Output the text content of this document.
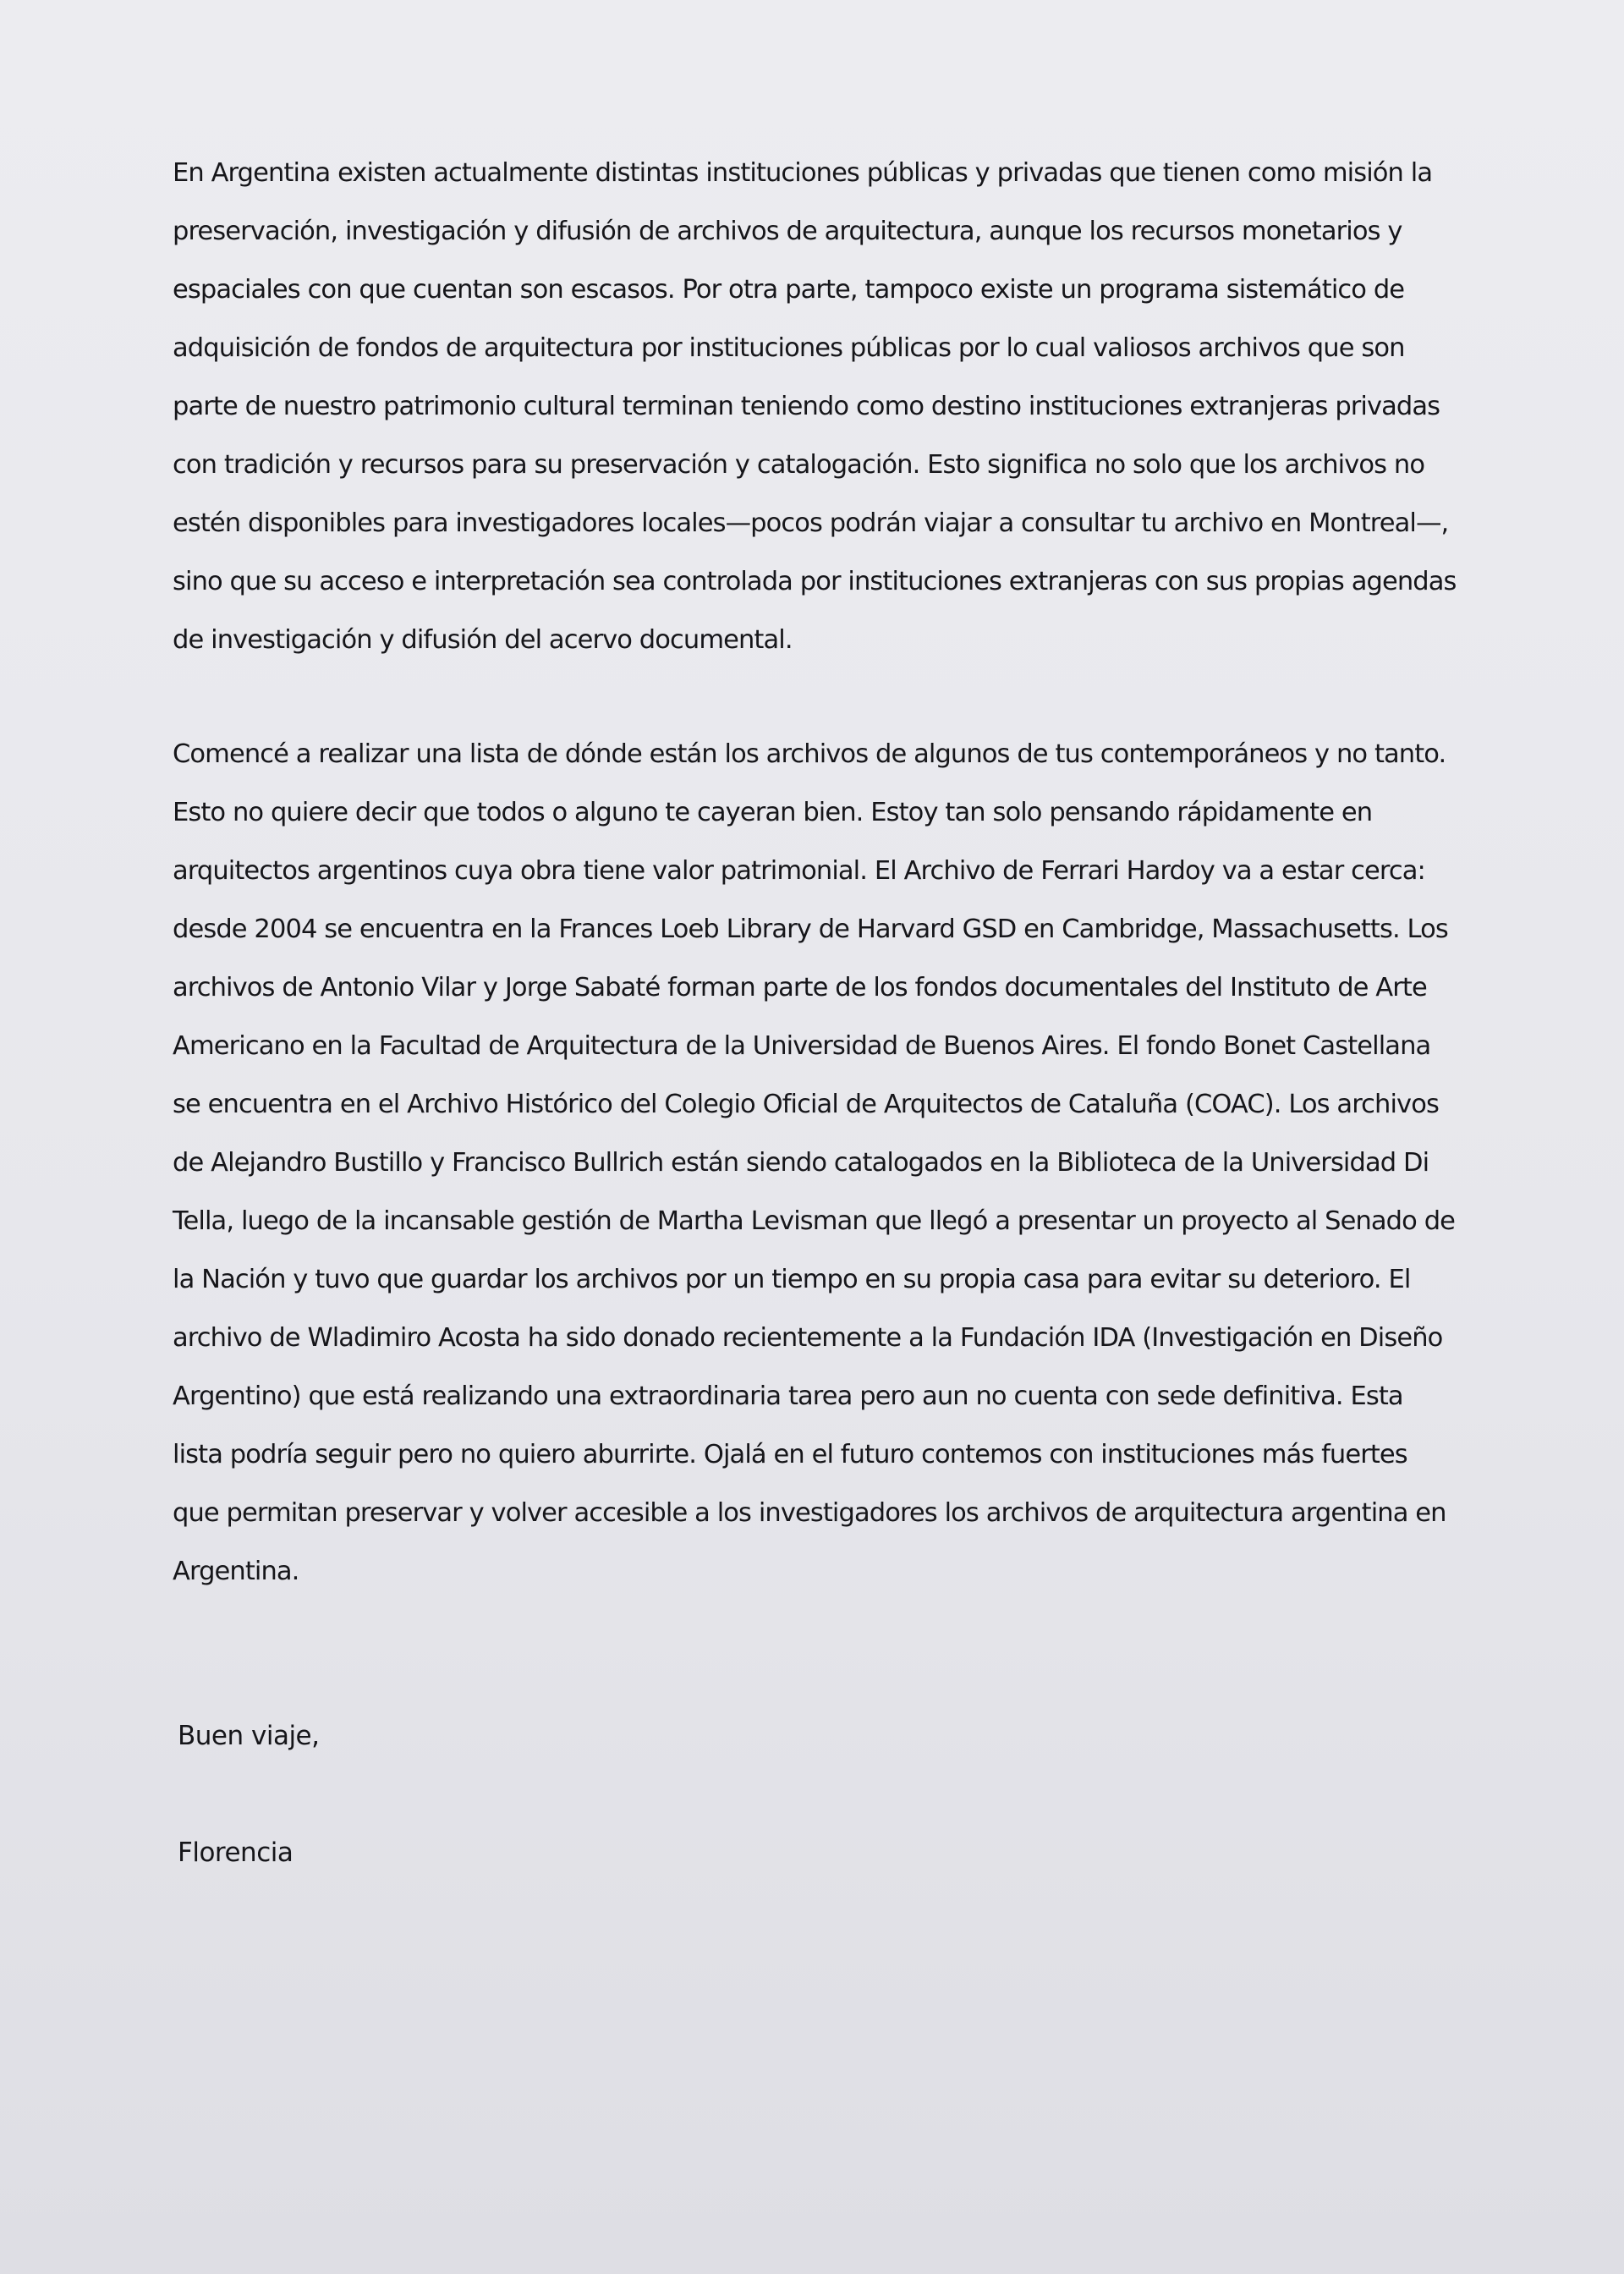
En Argentina existen actualmente distintas instituciones públicas y privadas que tienen como misión la preservación, investigación y difusión de archivos de arquitectura, aunque los recursos monetarios y espaciales con que cuentan son escasos. Por otra parte, tampoco existe un programa sistemático de adquisición de fondos de arquitectura por instituciones públicas por lo cual valiosos archivos que son parte de nuestro patrimonio cultural terminan teniendo como destino instituciones extranjeras privadas con tradición y recursos para su preservación y catalogación. Esto significa no solo que los archivos no estén disponibles para investigadores locales—pocos podrán viajar a consultar tu archivo en Montreal—, sino que su acceso e interpretación sea controlada por instituciones extranjeras con sus propias agendas de investigación y difusión del acervo documental.

Comencé a realizar una lista de dónde están los archivos de algunos de tus contemporáneos y no tanto. Esto no quiere decir que todos o alguno te cayeran bien. Estoy tan solo pensando rápidamente en arquitectos argentinos cuya obra tiene valor patrimonial. El Archivo de Ferrari Hardoy va a estar cerca: desde 2004 se encuentra en la Frances Loeb Library de Harvard GSD en Cambridge, Massachusetts. Los archivos de Antonio Vilar y Jorge Sabaté forman parte de los fondos documentales del Instituto de Arte Americano en la Facultad de Arquitectura de la Universidad de Buenos Aires. El fondo Bonet Castellana se encuentra en el Archivo Histórico del Colegio Oficial de Arquitectos de Cataluña (COAC). Los archivos de Alejandro Bustillo y Francisco Bullrich están siendo catalogados en la Biblioteca de la Universidad Di Tella, luego de la incansable gestión de Martha Levisman que llegó a presentar un proyecto al Senado de la Nación y tuvo que guardar los archivos por un tiempo en su propia casa para evitar su deterioro. El archivo de Wladimiro Acosta ha sido donado recientemente a la Fundación IDA (Investigación en Diseño Argentino) que está realizando una extraordinaria tarea pero aun no cuenta con sede definitiva. Esta lista podría seguir pero no quiero aburrirte. Ojalá en el futuro contemos con instituciones más fuertes que permitan preservar y volver accesible a los investigadores los archivos de arquitectura argentina en Argentina.

Buen viaje,

Florencia
